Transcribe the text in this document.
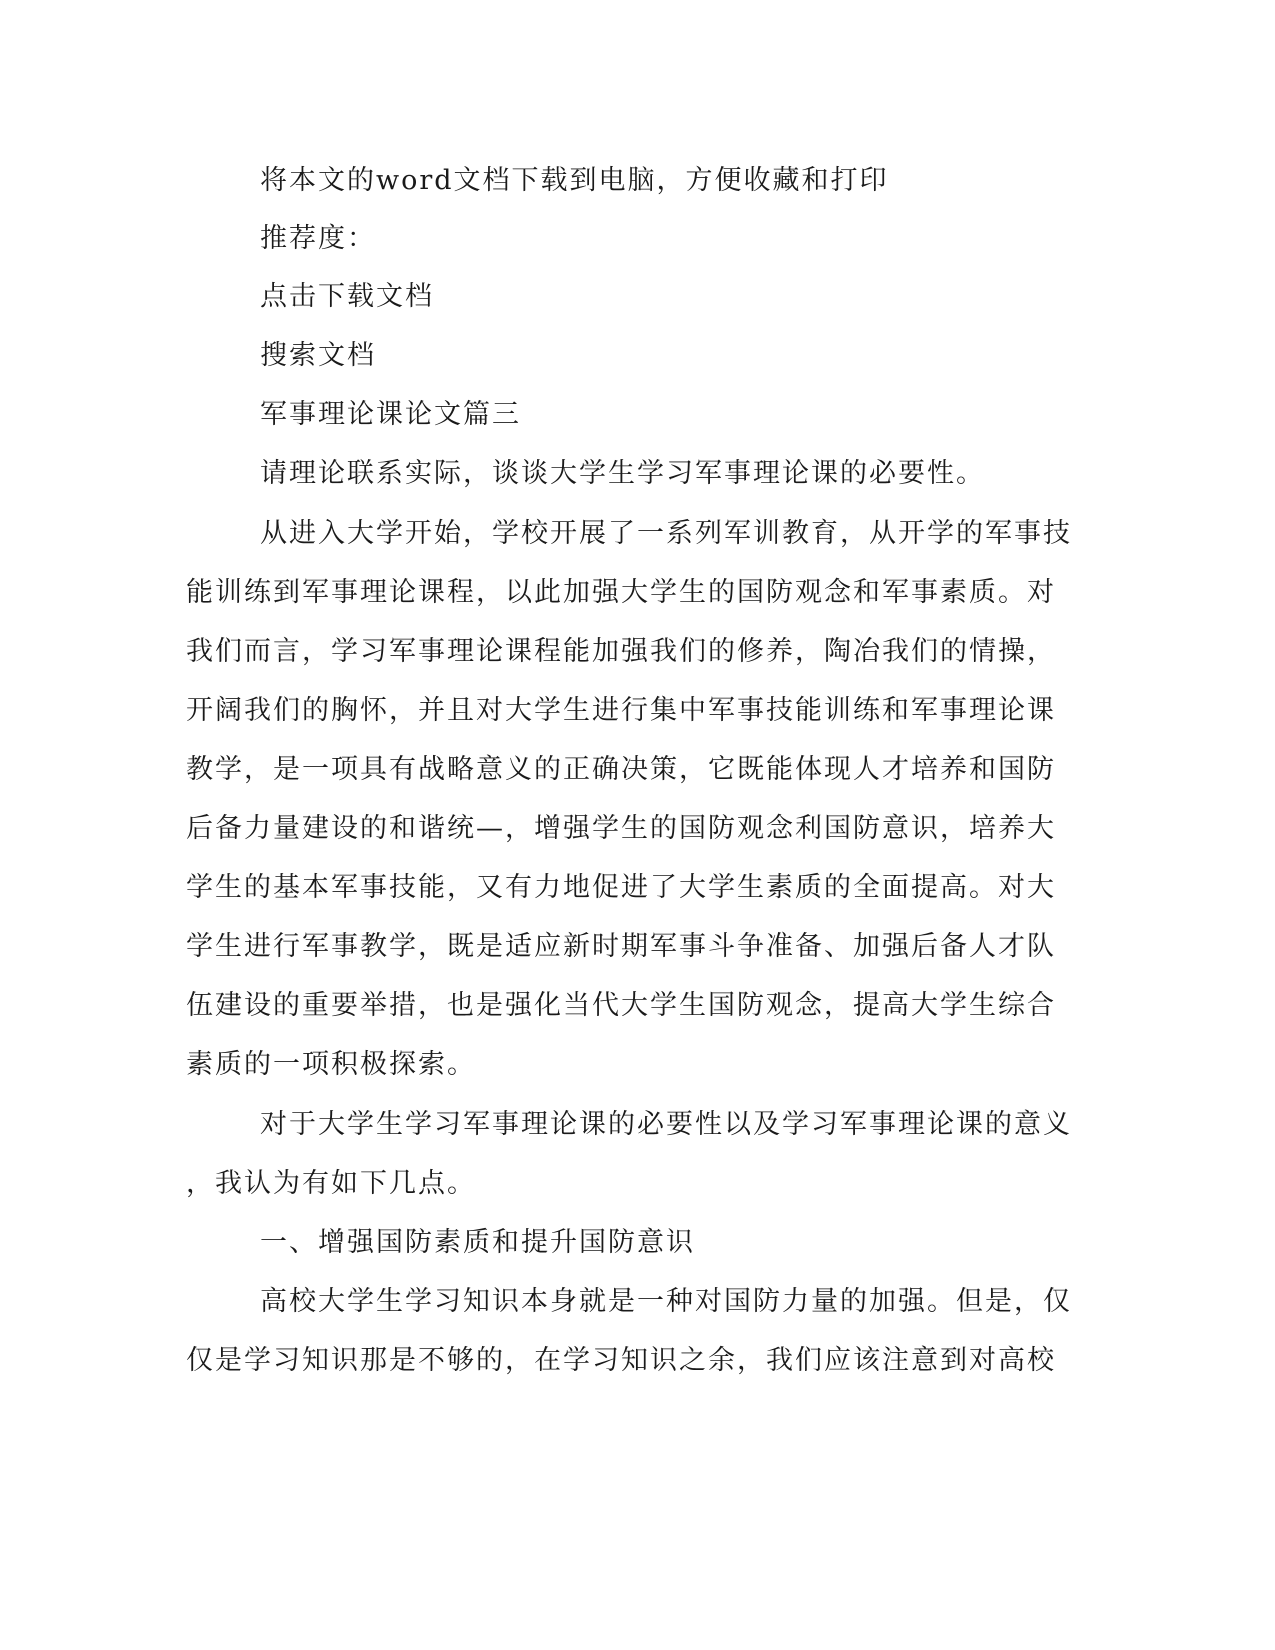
将本文的word文档下载到电脑，方便收藏和打印

推荐度：

点击下载文档

搜索文档

军事理论课论文篇三

请理论联系实际，谈谈大学生学习军事理论课的必要性。

从进入大学开始，学校开展了一系列军训教育，从开学的军事技

能训练到军事理论课程，以此加强大学生的国防观念和军事素质。对

我们而言，学习军事理论课程能加强我们的修养，陶冶我们的情操，

开阔我们的胸怀，并且对大学生进行集中军事技能训练和军事理论课

教学，是一项具有战略意义的正确决策，它既能体现人才培养和国防

后备力量建设的和谐统—，增强学生的国防观念利国防意识，培养大

学生的基本军事技能，又有力地促进了大学生素质的全面提高。对大

学生进行军事教学，既是适应新时期军事斗争准备、加强后备人才队

伍建设的重要举措，也是强化当代大学生国防观念，提高大学生综合

素质的一项积极探索。

对于大学生学习军事理论课的必要性以及学习军事理论课的意义

，我认为有如下几点。

一、增强国防素质和提升国防意识

高校大学生学习知识本身就是一种对国防力量的加强。但是，仅

仅是学习知识那是不够的，在学习知识之余，我们应该注意到对高校
